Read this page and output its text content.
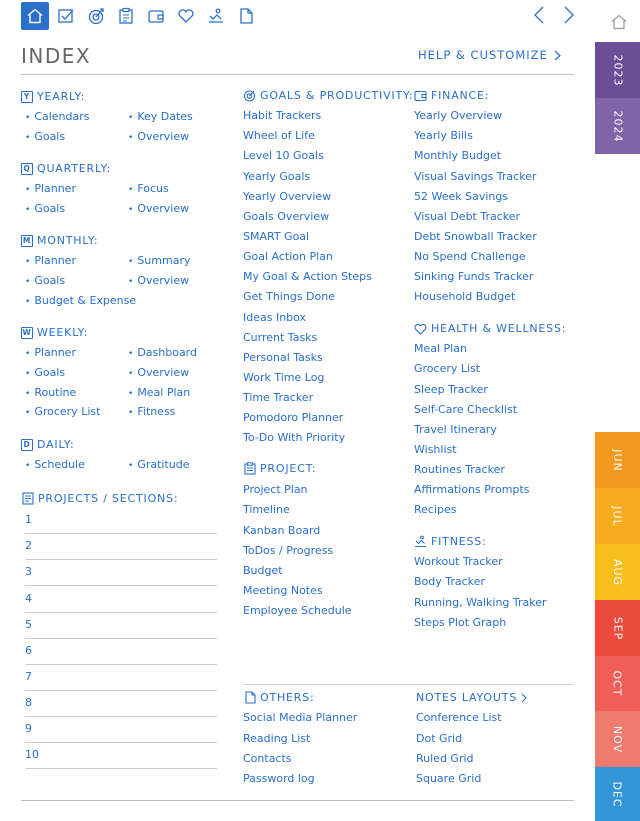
INDEX	HELP & CUSTOMIZE
Y YEARLY:
• Calendars	• Key Dates
• Goals	• Overview
Q QUARTERLY:
• Planner	• Focus
• Goals	• Overview
M MONTHLY:
• Planner	• Summary
• Goals	• Overview
• Budget & Expense
W WEEKLY:
• Planner	• Dashboard
• Goals	• Overview
• Routine	• Meal Plan
• Grocery List	• Fitness
D DAILY:
• Schedule	• Gratitude
PROJECTS / SECTIONS:
1
2
3
4
5
6
7
8
9
10
GOALS & PRODUCTIVITY:
Habit Trackers
Wheel of Life
Level 10 Goals
Yearly Goals
Yearly Overview
Goals Overview
SMART Goal
Goal Action Plan
My Goal & Action Steps
Get Things Done
Ideas Inbox
Current Tasks
Personal Tasks
Work Time Log
Time Tracker
Pomodoro Planner
To-Do With Priority
PROJECT:
Project Plan
Timeline
Kanban Board
ToDos / Progress
Budget
Meeting Notes
Employee Schedule
FINANCE:
Yearly Overview
Yearly Bills
Monthly Budget
Visual Savings Tracker
52 Week Savings
Visual Debt Tracker
Debt Snowball Tracker
No Spend Challenge
Sinking Funds Tracker
Household Budget
HEALTH & WELLNESS:
Meal Plan
Grocery List
Sleep Tracker
Self-Care Checklist
Travel Itinerary
Wishlist
Routines Tracker
Affirmations Prompts
Recipes
FITNESS:
Workout Tracker
Body Tracker
Running, Walking Traker
Steps Plot Graph
OTHERS:
Social Media Planner
Reading List
Contacts
Password log
NOTES LAYOUTS
Conference List
Dot Grid
Ruled Grid
Square Grid
2023
2024
JUN
JUL
AUG
SEP
OCT
NOV
DEC
